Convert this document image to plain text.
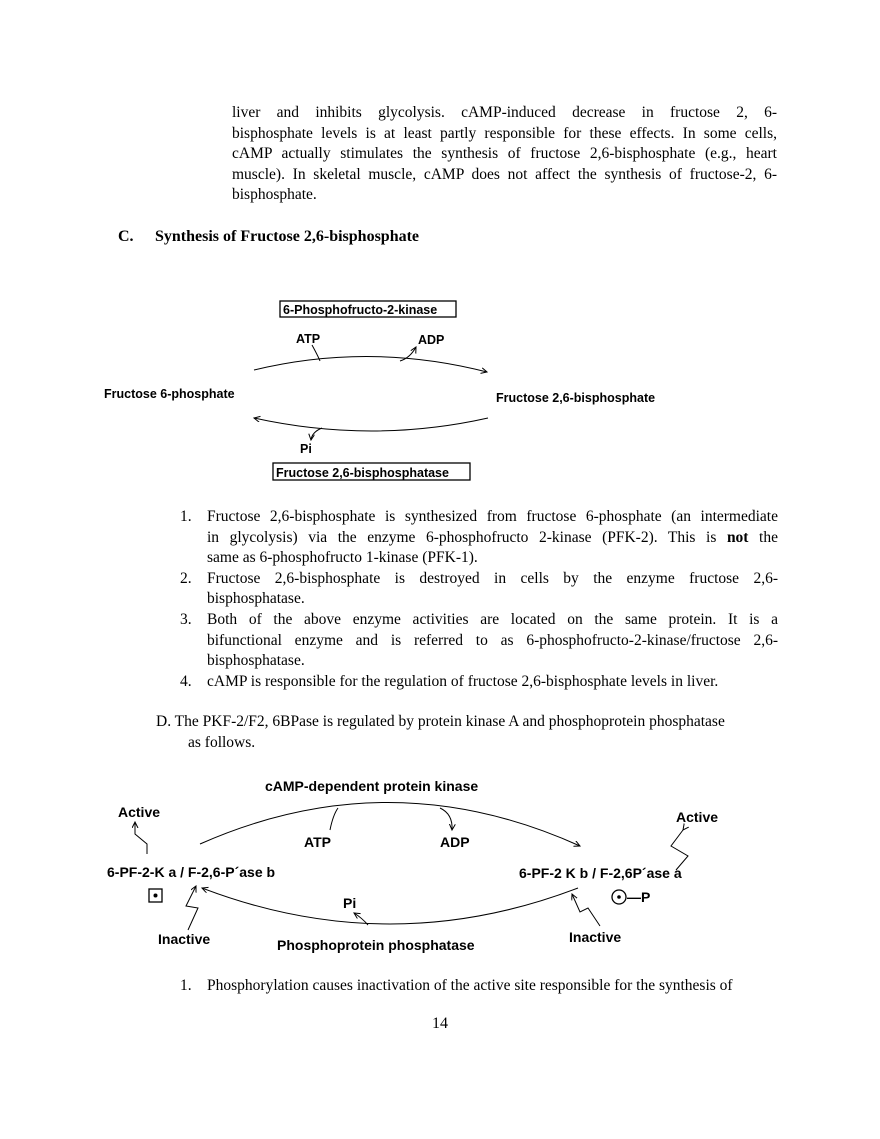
liver and inhibits glycolysis. cAMP-induced decrease in fructose 2, 6-
bisphosphate levels is at least partly responsible for these effects. In some cells,
cAMP actually stimulates the synthesis of fructose 2,6-bisphosphate (e.g., heart
muscle). In skeletal muscle, cAMP does not affect the synthesis of fructose-2, 6-
bisphosphate.
C. Synthesis of Fructose 2,6-bisphosphate
6-Phosphofructo-2-kinase
ATP	ADP
Fructose 6-phosphate	Fructose 2,6-bisphosphate
Pi
Fructose 2,6-bisphosphatase
1. Fructose 2,6-bisphosphate is synthesized from fructose 6-phosphate (an intermediate
in glycolysis) via the enzyme 6-phosphofructo 2-kinase (PFK-2). This is not the
same as 6-phosphofructo 1-kinase (PFK-1).
2. Fructose 2,6-bisphosphate is destroyed in cells by the enzyme fructose 2,6-
bisphosphatase.
3. Both of the above enzyme activities are located on the same protein. It is a
bifunctional enzyme and is referred to as 6-phosphofructo-2-kinase/fructose 2,6-
bisphosphatase.
4. cAMP is responsible for the regulation of fructose 2,6-bisphosphate levels in liver.
D. The PKF-2/F2, 6BPase is regulated by protein kinase A and phosphoprotein phosphatase
as follows.
cAMP-dependent protein kinase
Active	Active
ATP	ADP
6-PF-2-K a / F-2,6-P´ase b	6-PF-2 K b / F-2,6P´ase a
—P
Pi
Inactive	Inactive
Phosphoprotein phosphatase
1. Phosphorylation causes inactivation of the active site responsible for the synthesis of
14
